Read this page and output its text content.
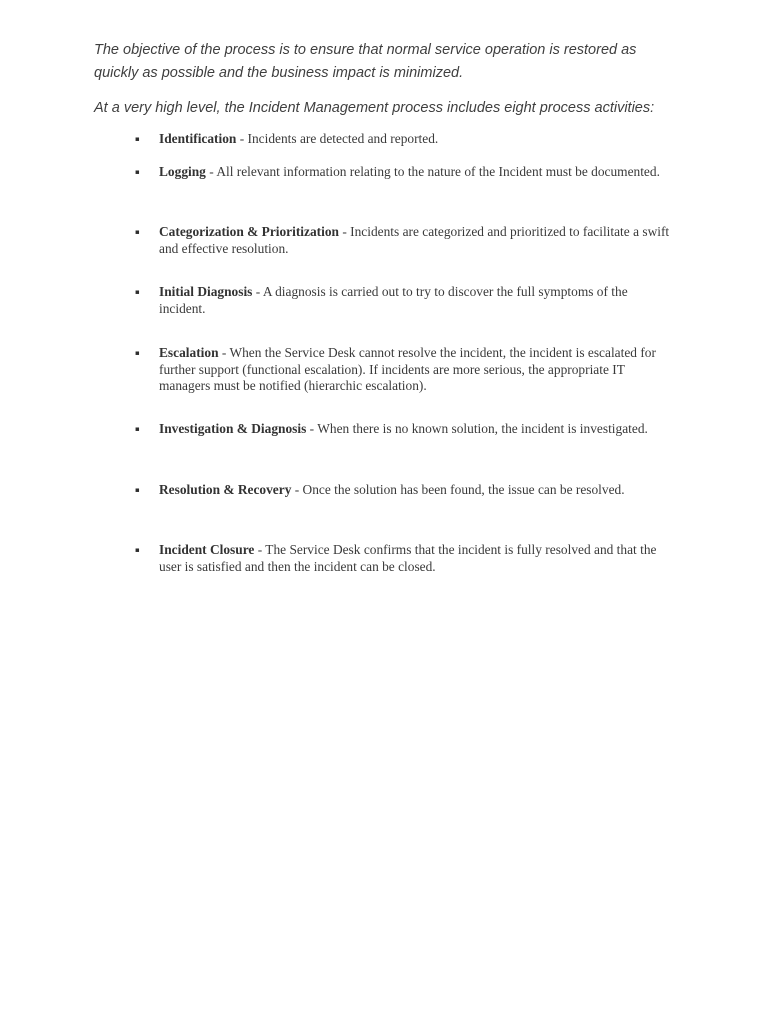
The objective of the process is to ensure that normal service operation is restored as quickly as possible and the business impact is minimized.

At a very high level, the Incident Management process includes eight process activities:

▪	Identification - Incidents are detected and reported.
▪	Logging - All relevant information relating to the nature of the Incident must be documented.
▪	Categorization & Prioritization - Incidents are categorized and prioritized to facilitate a swift and effective resolution.
▪	Initial Diagnosis - A diagnosis is carried out to try to discover the full symptoms of the incident.
▪	Escalation - When the Service Desk cannot resolve the incident, the incident is escalated for further support (functional escalation). If incidents are more serious, the appropriate IT managers must be notified (hierarchic escalation).
▪	Investigation & Diagnosis - When there is no known solution, the incident is investigated.
▪	Resolution & Recovery - Once the solution has been found, the issue can be resolved.
▪	Incident Closure - The Service Desk confirms that the incident is fully resolved and that the user is satisfied and then the incident can be closed.
